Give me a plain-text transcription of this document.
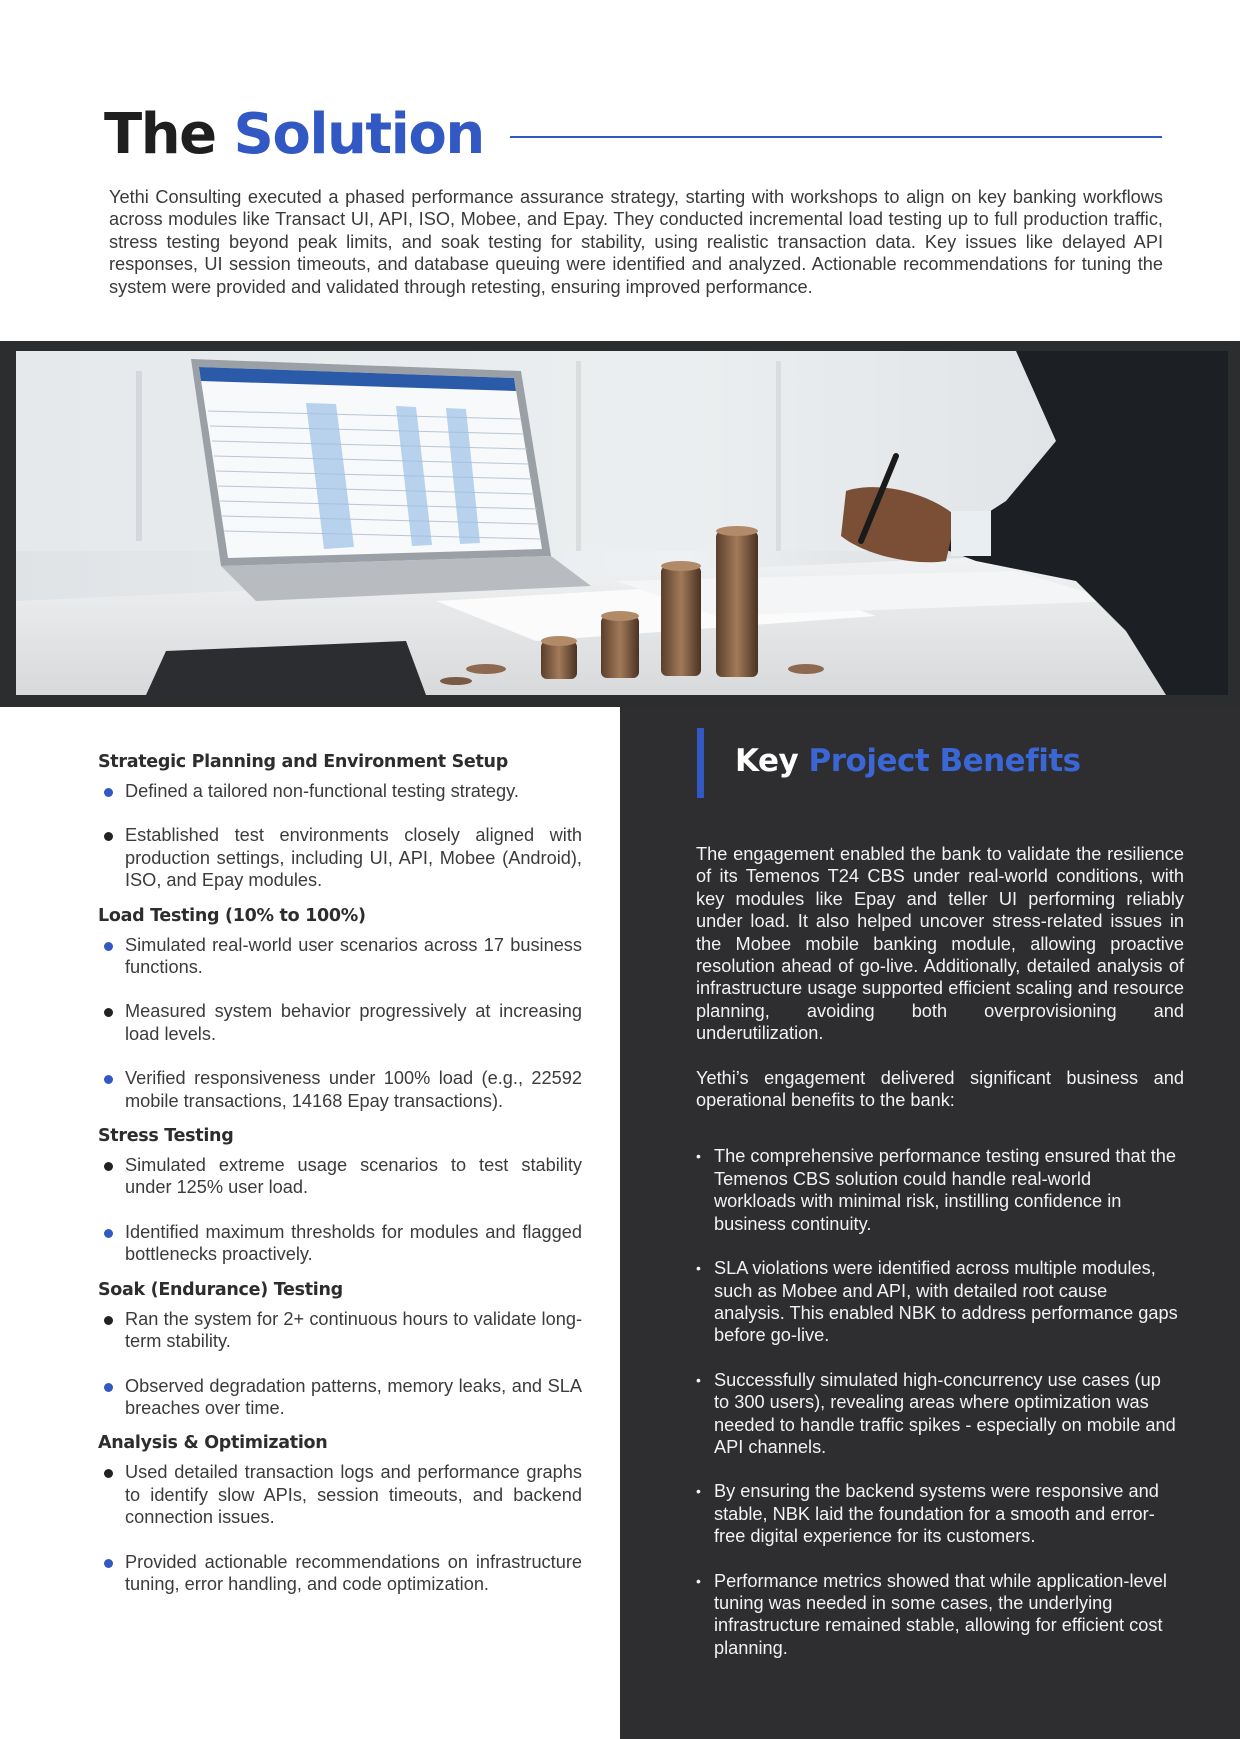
The Solution

Yethi Consulting executed a phased performance assurance strategy, starting with workshops to align on key banking workflows across modules like Transact UI, API, ISO, Mobee, and Epay. They conducted incremental load testing up to full production traffic, stress testing beyond peak limits, and soak testing for stability, using realistic transaction data. Key issues like delayed API responses, UI session timeouts, and database queuing were identified and analyzed. Actionable recommendations for tuning the system were provided and validated through retesting, ensuring improved performance.

Strategic Planning and Environment Setup
Defined a tailored non-functional testing strategy.
Established test environments closely aligned with production settings, including UI, API, Mobee (Android), ISO, and Epay modules.
Load Testing (10% to 100%)
Simulated real-world user scenarios across 17 business functions.
Measured system behavior progressively at increasing load levels.
Verified responsiveness under 100% load (e.g., 22592 mobile transactions, 14168 Epay transactions).
Stress Testing
Simulated extreme usage scenarios to test stability under 125% user load.
Identified maximum thresholds for modules and flagged bottlenecks proactively.
Soak (Endurance) Testing
Ran the system for 2+ continuous hours to validate long-term stability.
Observed degradation patterns, memory leaks, and SLA breaches over time.
Analysis & Optimization
Used detailed transaction logs and performance graphs to identify slow APIs, session timeouts, and backend connection issues.
Provided actionable recommendations on infrastructure tuning, error handling, and code optimization.
Key Project Benefits

The engagement enabled the bank to validate the resilience of its Temenos T24 CBS under real-world conditions, with key modules like Epay and teller UI performing reliably under load. It also helped uncover stress-related issues in the Mobee mobile banking module, allowing proactive resolution ahead of go-live. Additionally, detailed analysis of infrastructure usage supported efficient scaling and resource planning, avoiding both overprovisioning and underutilization.

Yethi’s engagement delivered significant business and operational benefits to the bank:

• The comprehensive performance testing ensured that the Temenos CBS solution could handle real-world workloads with minimal risk, instilling confidence in business continuity.
• SLA violations were identified across multiple modules, such as Mobee and API, with detailed root cause analysis. This enabled NBK to address performance gaps before go-live.
• Successfully simulated high-concurrency use cases (up to 300 users), revealing areas where optimization was needed to handle traffic spikes - especially on mobile and API channels.
• By ensuring the backend systems were responsive and stable, NBK laid the foundation for a smooth and error-free digital experience for its customers.
• Performance metrics showed that while application-level tuning was needed in some cases, the underlying infrastructure remained stable, allowing for efficient cost planning.
